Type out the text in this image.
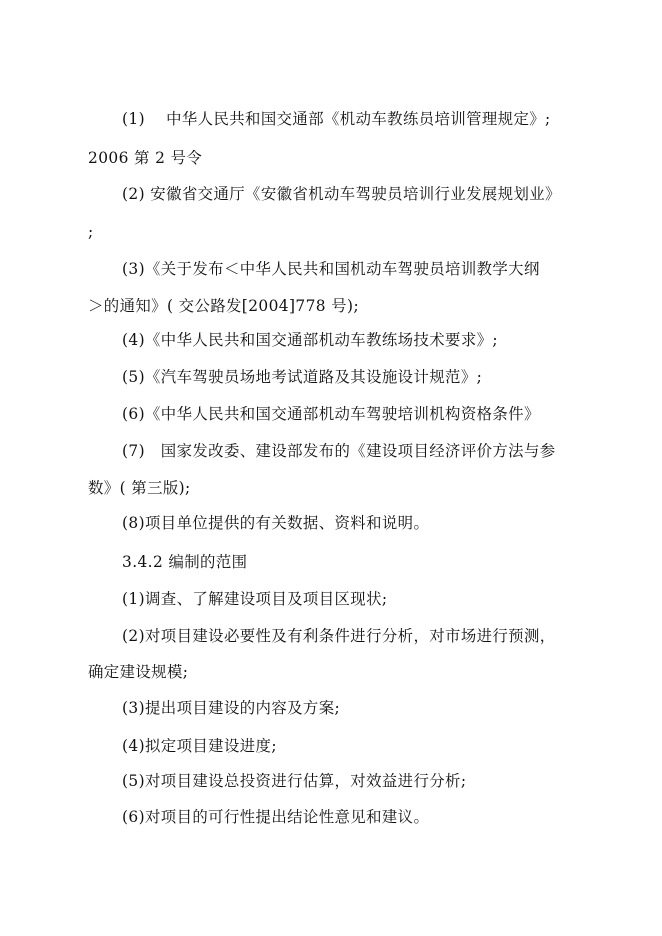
(1)　 中华人民共和国交通部《机动车教练员培训管理规定》;
2006 第 2 号令
(2) 安徽省交通厅《安徽省机动车驾驶员培训行业发展规划业》
;
(3)《关于发布＜中华人民共和国机动车驾驶员培训教学大纲
＞的通知》( 交公路发[2004]778 号);
(4)《中华人民共和国交通部机动车教练场技术要求》;
(5)《汽车驾驶员场地考试道路及其设施设计规范》;
(6)《中华人民共和国交通部机动车驾驶培训机构资格条件》
(7)　国家发改委、建设部发布的《建设项目经济评价方法与参
数》( 第三版);
(8)项目单位提供的有关数据、资料和说明。
3.4.2 编制的范围
(1)调查、了解建设项目及项目区现状;
(2)对项目建设必要性及有利条件进行分析，对市场进行预测，
确定建设规模;
(3)提出项目建设的内容及方案;
(4)拟定项目建设进度;
(5)对项目建设总投资进行估算，对效益进行分析;
(6)对项目的可行性提出结论性意见和建议。
